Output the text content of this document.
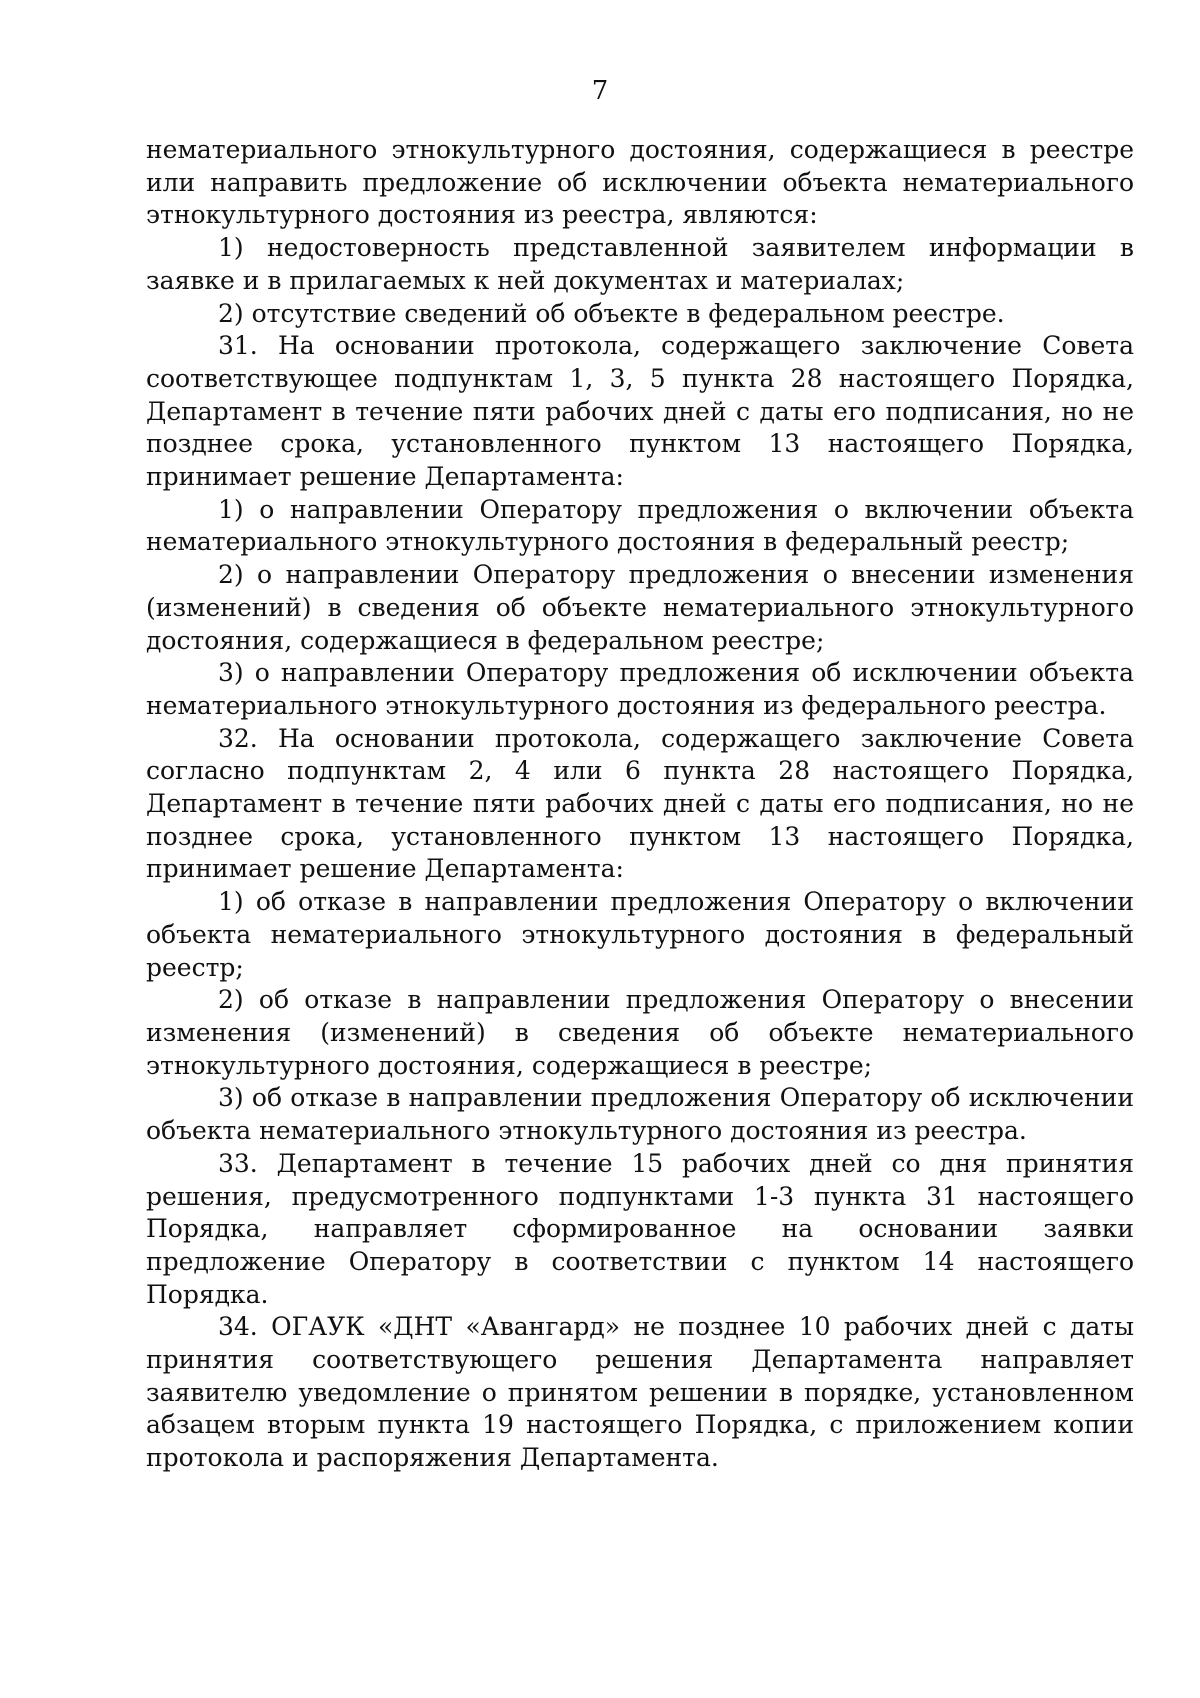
7

нематериального этнокультурного достояния, содержащиеся в реестре или направить предложение об исключении объекта нематериального этнокультурного достояния из реестра, являются:

1) недостоверность представленной заявителем информации в заявке и в прилагаемых к ней документах и материалах;

2) отсутствие сведений об объекте в федеральном реестре.

31. На основании протокола, содержащего заключение Совета соответствующее подпунктам 1, 3, 5 пункта 28 настоящего Порядка, Департамент в течение пяти рабочих дней с даты его подписания, но не позднее срока, установленного пунктом 13 настоящего Порядка, принимает решение Департамента:

1) о направлении Оператору предложения о включении объекта нематериального этнокультурного достояния в федеральный реестр;

2) о направлении Оператору предложения о внесении изменения (изменений) в сведения об объекте нематериального этнокультурного достояния, содержащиеся в федеральном реестре;

3) о направлении Оператору предложения об исключении объекта нематериального этнокультурного достояния из федерального реестра.

32. На основании протокола, содержащего заключение Совета согласно подпунктам 2, 4 или 6 пункта 28 настоящего Порядка, Департамент в течение пяти рабочих дней с даты его подписания, но не позднее срока, установленного пунктом 13 настоящего Порядка, принимает решение Департамента:

1) об отказе в направлении предложения Оператору о включении объекта нематериального этнокультурного достояния в федеральный реестр;

2) об отказе в направлении предложения Оператору о внесении изменения (изменений) в сведения об объекте нематериального этнокультурного достояния, содержащиеся в реестре;

3) об отказе в направлении предложения Оператору об исключении объекта нематериального этнокультурного достояния из реестра.

33. Департамент в течение 15 рабочих дней со дня принятия решения, предусмотренного подпунктами 1-3 пункта 31 настоящего Порядка, направляет сформированное на основании заявки предложение Оператору в соответствии с пунктом 14 настоящего Порядка.

34. ОГАУК «ДНТ «Авангард» не позднее 10 рабочих дней с даты принятия соответствующего решения Департамента направляет заявителю уведомление о принятом решении в порядке, установленном абзацем вторым пункта 19 настоящего Порядка, с приложением копии протокола и распоряжения Департамента.
